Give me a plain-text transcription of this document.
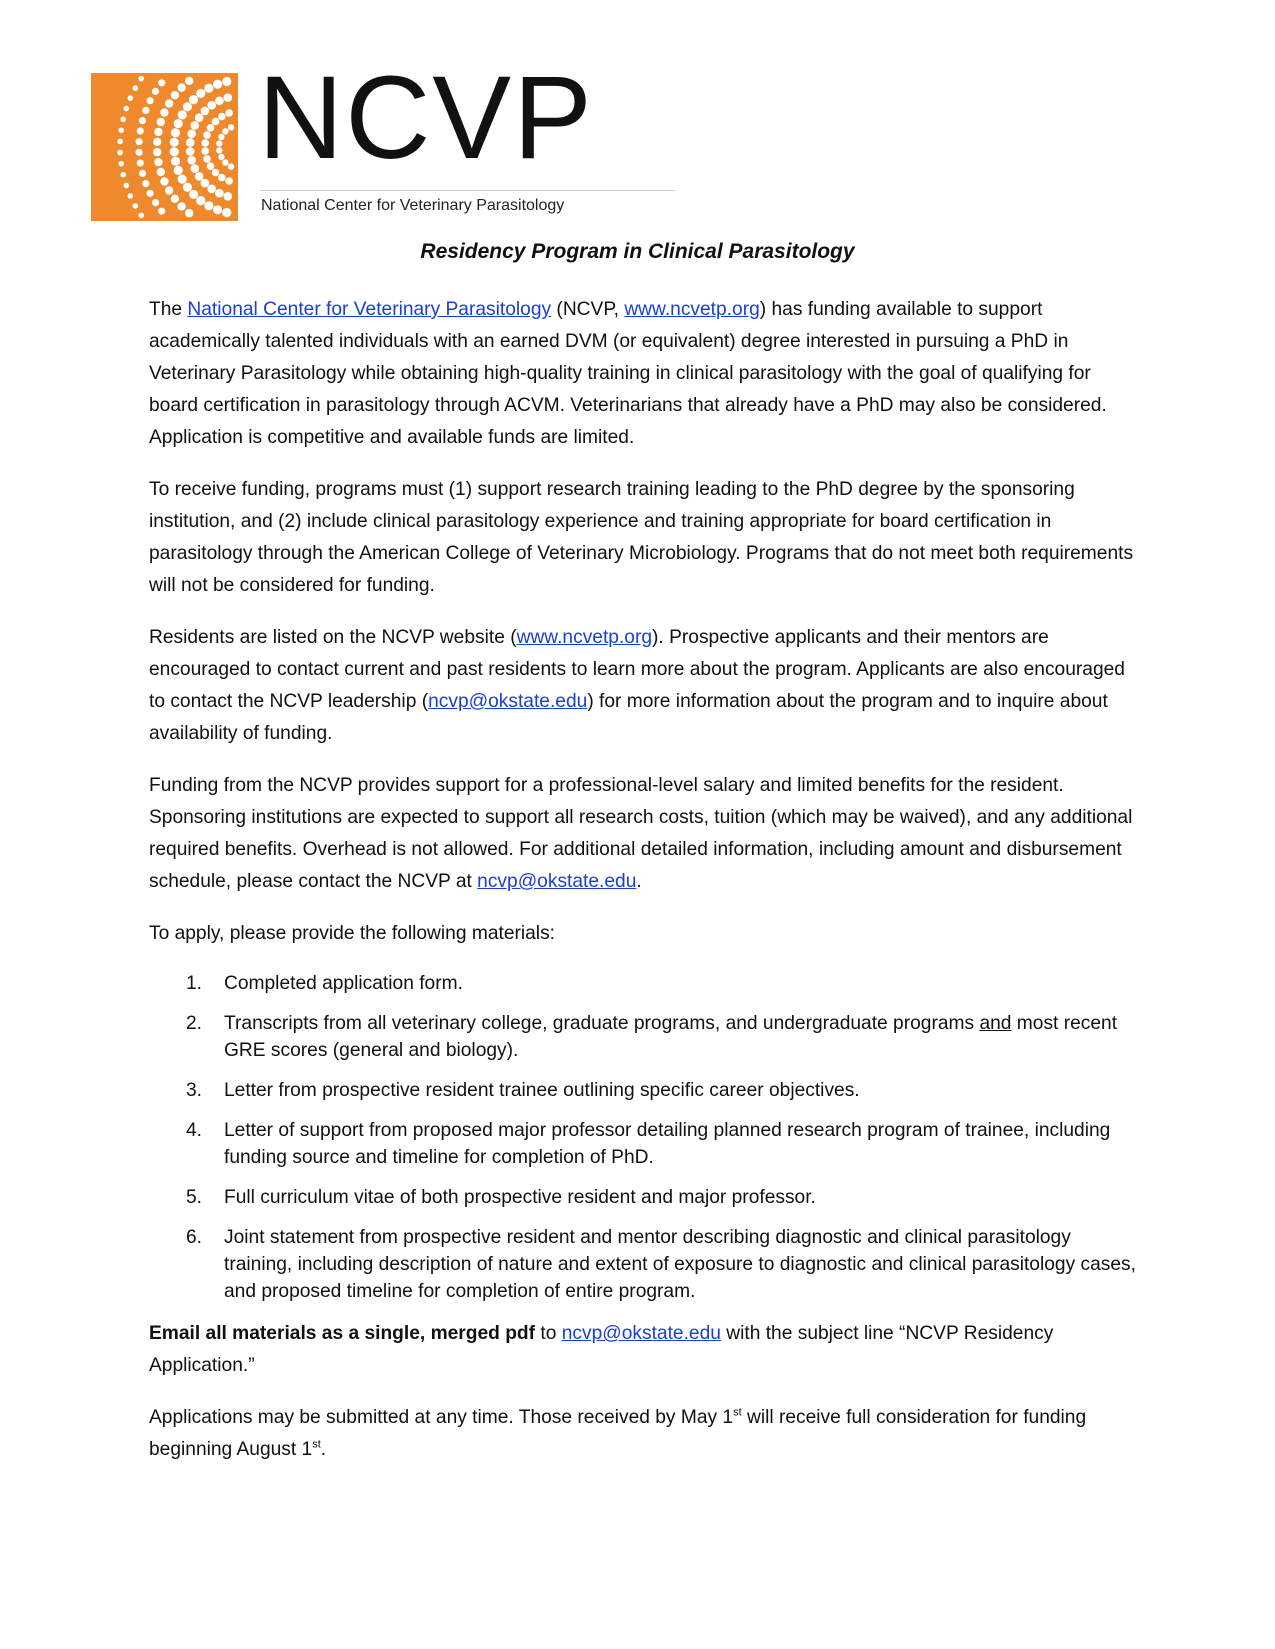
NCVP
National Center for Veterinary Parasitology
Residency Program in Clinical Parasitology

The National Center for Veterinary Parasitology (NCVP, www.ncvetp.org) has funding available to support academically talented individuals with an earned DVM (or equivalent) degree interested in pursuing a PhD in Veterinary Parasitology while obtaining high-quality training in clinical parasitology with the goal of qualifying for board certification in parasitology through ACVM. Veterinarians that already have a PhD may also be considered. Application is competitive and available funds are limited.

To receive funding, programs must (1) support research training leading to the PhD degree by the sponsoring institution, and (2) include clinical parasitology experience and training appropriate for board certification in parasitology through the American College of Veterinary Microbiology. Programs that do not meet both requirements will not be considered for funding.

Residents are listed on the NCVP website (www.ncvetp.org). Prospective applicants and their mentors are encouraged to contact current and past residents to learn more about the program. Applicants are also encouraged to contact the NCVP leadership (ncvp@okstate.edu) for more information about the program and to inquire about availability of funding.

Funding from the NCVP provides support for a professional-level salary and limited benefits for the resident. Sponsoring institutions are expected to support all research costs, tuition (which may be waived), and any additional required benefits. Overhead is not allowed. For additional detailed information, including amount and disbursement schedule, please contact the NCVP at ncvp@okstate.edu.

To apply, please provide the following materials:

1. Completed application form.
2. Transcripts from all veterinary college, graduate programs, and undergraduate programs and most recent GRE scores (general and biology).
3. Letter from prospective resident trainee outlining specific career objectives.
4. Letter of support from proposed major professor detailing planned research program of trainee, including funding source and timeline for completion of PhD.
5. Full curriculum vitae of both prospective resident and major professor.
6. Joint statement from prospective resident and mentor describing diagnostic and clinical parasitology training, including description of nature and extent of exposure to diagnostic and clinical parasitology cases, and proposed timeline for completion of entire program.

Email all materials as a single, merged pdf to ncvp@okstate.edu with the subject line “NCVP Residency Application.”

Applications may be submitted at any time. Those received by May 1st will receive full consideration for funding beginning August 1st.
